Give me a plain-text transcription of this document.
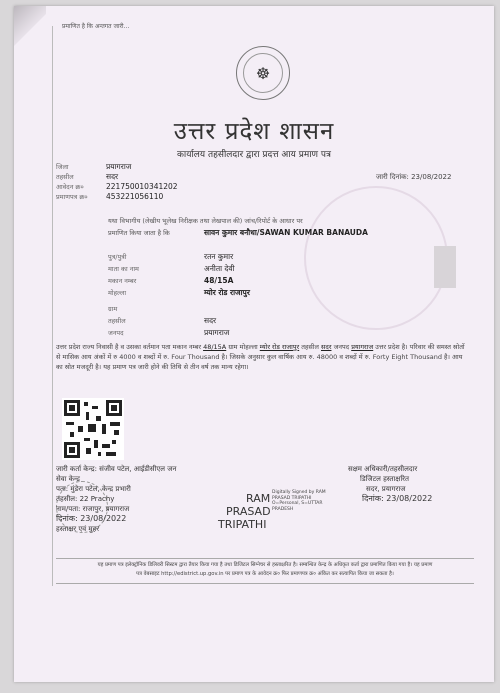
प्रमाणित है कि अन्तगत जारी...
☸
उत्तर प्रदेश शासन
कार्यालय तहसीलदार द्वारा प्रदत्त आय प्रमाण पत्र
जिला	प्रयागराज
तहसील	सदर
आवेदन क्र०	221750010341202
प्रमाणपत्र क्र० 453221056110
जारी दिनांक: 23/08/2022
यथा विभागीय (लेखीय भूलेख निरीक्षक तथा लेखपाल की) जांच/रिपोर्ट के आधार पर
प्रमाणित किया जाता है कि	सावन कुमार बनौधा/SAWAN KUMAR BANAUDA
पुत्र/पुत्री	रतन कुमार
माता का नाम	अनीता देवी
मकान नम्बर	48/15A
मोहल्ला	म्योर रोड राजापुर
ग्राम
तहसील	सदर
जनपद	प्रयागराज
उत्तर प्रदेश राज्य निवासी है व उसका वर्तमान पता मकान नम्बर 48/15A ग्राम मोहल्ला म्योर रोड राजापुर तहसील सदर जनपद प्रयागराज उत्तर प्रदेश है। परिवार की समस्त स्रोतों से मासिक आय अंकों में रु 4000 व शब्दों में रु. Four Thousand है। जिसके अनुसार कुल वार्षिक आय रु. 48000 व शब्दों में रु. Forty Eight Thousand है। आय का स्रोत मजदूरी है। यह प्रमाण पत्र जारी होने की तिथि से तीन वर्ष तक मान्य रहेगा।
जारी कर्ता केन्द्र: संजीव पटेल, आईडीसीएल जन
सेवा केन्द्र
पता: मुंडेरा पटेल, केन्द्र प्रभारी
तहसील: 22 Prachy
नाम/पता: राजापुर, प्रयागराज
दिनांक: 23/08/2022
हस्ताक्षर एवं मुहर
RAM
PRASAD
TRIPATHI
Digitally Signed by RAM
PRASAD TRIPATHI
O=Personal, S=UTTAR
PRADESH
सक्षम अधिकारी/तहसीलदार
डिजिटल हस्ताक्षरित
सदर, प्रयागराज
दिनांक: 23/08/2022
यह प्रमाण पत्र इलेक्ट्रॉनिक डिलिवरी सिस्टम द्वारा तैयार किया गया है तथा डिजिटल सिग्नेचर से हस्ताक्षरित है। सम्बन्धित केन्द्र के अधिकृत कर्ता द्वारा प्रमाणित किया गया है। यह प्रमाण
पत्र वेबसाइट http://edistrict.up.gov.in पर प्रमाण पत्र के आवेदन क्र० फिर प्रमाणपत्र क्र० अंकित कर सत्यापित किया जा सकता है।
